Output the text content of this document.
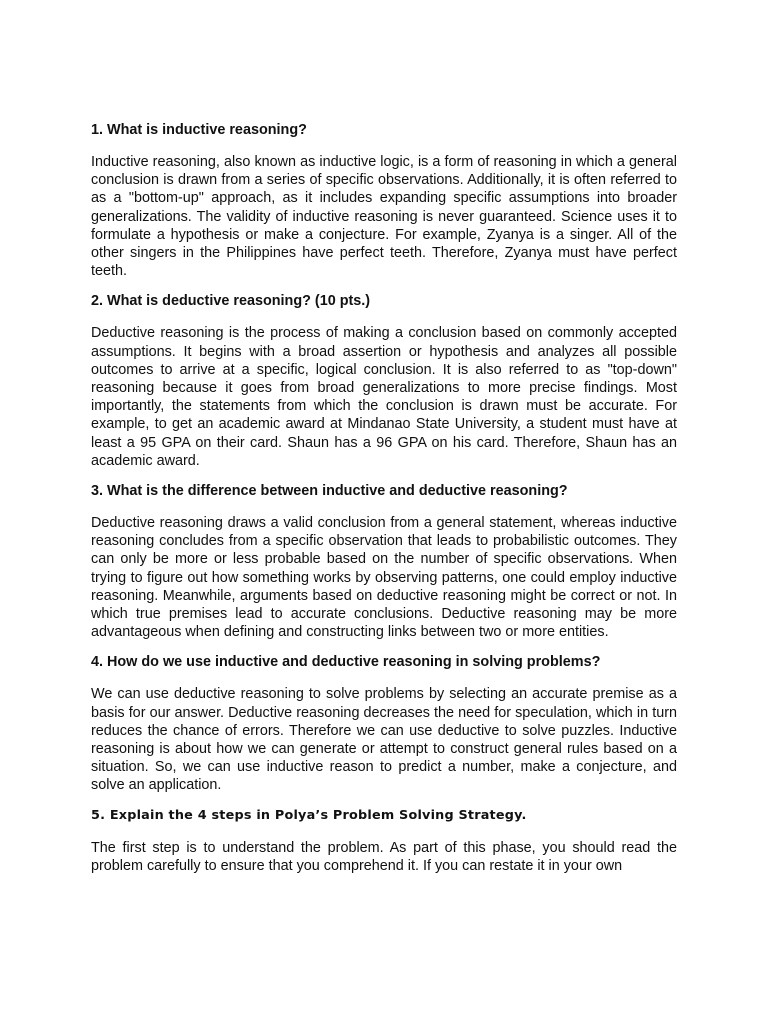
1. What is inductive reasoning?
Inductive reasoning, also known as inductive logic, is a form of reasoning in which a general conclusion is drawn from a series of specific observations. Additionally, it is often referred to as a "bottom-up" approach, as it includes expanding specific assumptions into broader generalizations. The validity of inductive reasoning is never guaranteed. Science uses it to formulate a hypothesis or make a conjecture. For example, Zyanya is a singer. All of the other singers in the Philippines have perfect teeth. Therefore, Zyanya must have perfect teeth.
2. What is deductive reasoning? (10 pts.)
Deductive reasoning is the process of making a conclusion based on commonly accepted assumptions. It begins with a broad assertion or hypothesis and analyzes all possible outcomes to arrive at a specific, logical conclusion. It is also referred to as "top-down" reasoning because it goes from broad generalizations to more precise findings. Most importantly, the statements from which the conclusion is drawn must be accurate. For example, to get an academic award at Mindanao State University, a student must have at least a 95 GPA on their card. Shaun has a 96 GPA on his card. Therefore, Shaun has an academic award.
3. What is the difference between inductive and deductive reasoning?
Deductive reasoning draws a valid conclusion from a general statement, whereas inductive reasoning concludes from a specific observation that leads to probabilistic outcomes. They can only be more or less probable based on the number of specific observations. When trying to figure out how something works by observing patterns, one could employ inductive reasoning. Meanwhile, arguments based on deductive reasoning might be correct or not. In which true premises lead to accurate conclusions. Deductive reasoning may be more advantageous when defining and constructing links between two or more entities.
4. How do we use inductive and deductive reasoning in solving problems?
We can use deductive reasoning to solve problems by selecting an accurate premise as a basis for our answer. Deductive reasoning decreases the need for speculation, which in turn reduces the chance of errors. Therefore we can use deductive to solve puzzles. Inductive reasoning is about how we can generate or attempt to construct general rules based on a situation. So, we can use inductive reason to predict a number, make a conjecture, and solve an application.
5. Explain the 4 steps in Polya’s Problem Solving Strategy.
The first step is to understand the problem. As part of this phase, you should read the problem carefully to ensure that you comprehend it. If you can restate it in your own
